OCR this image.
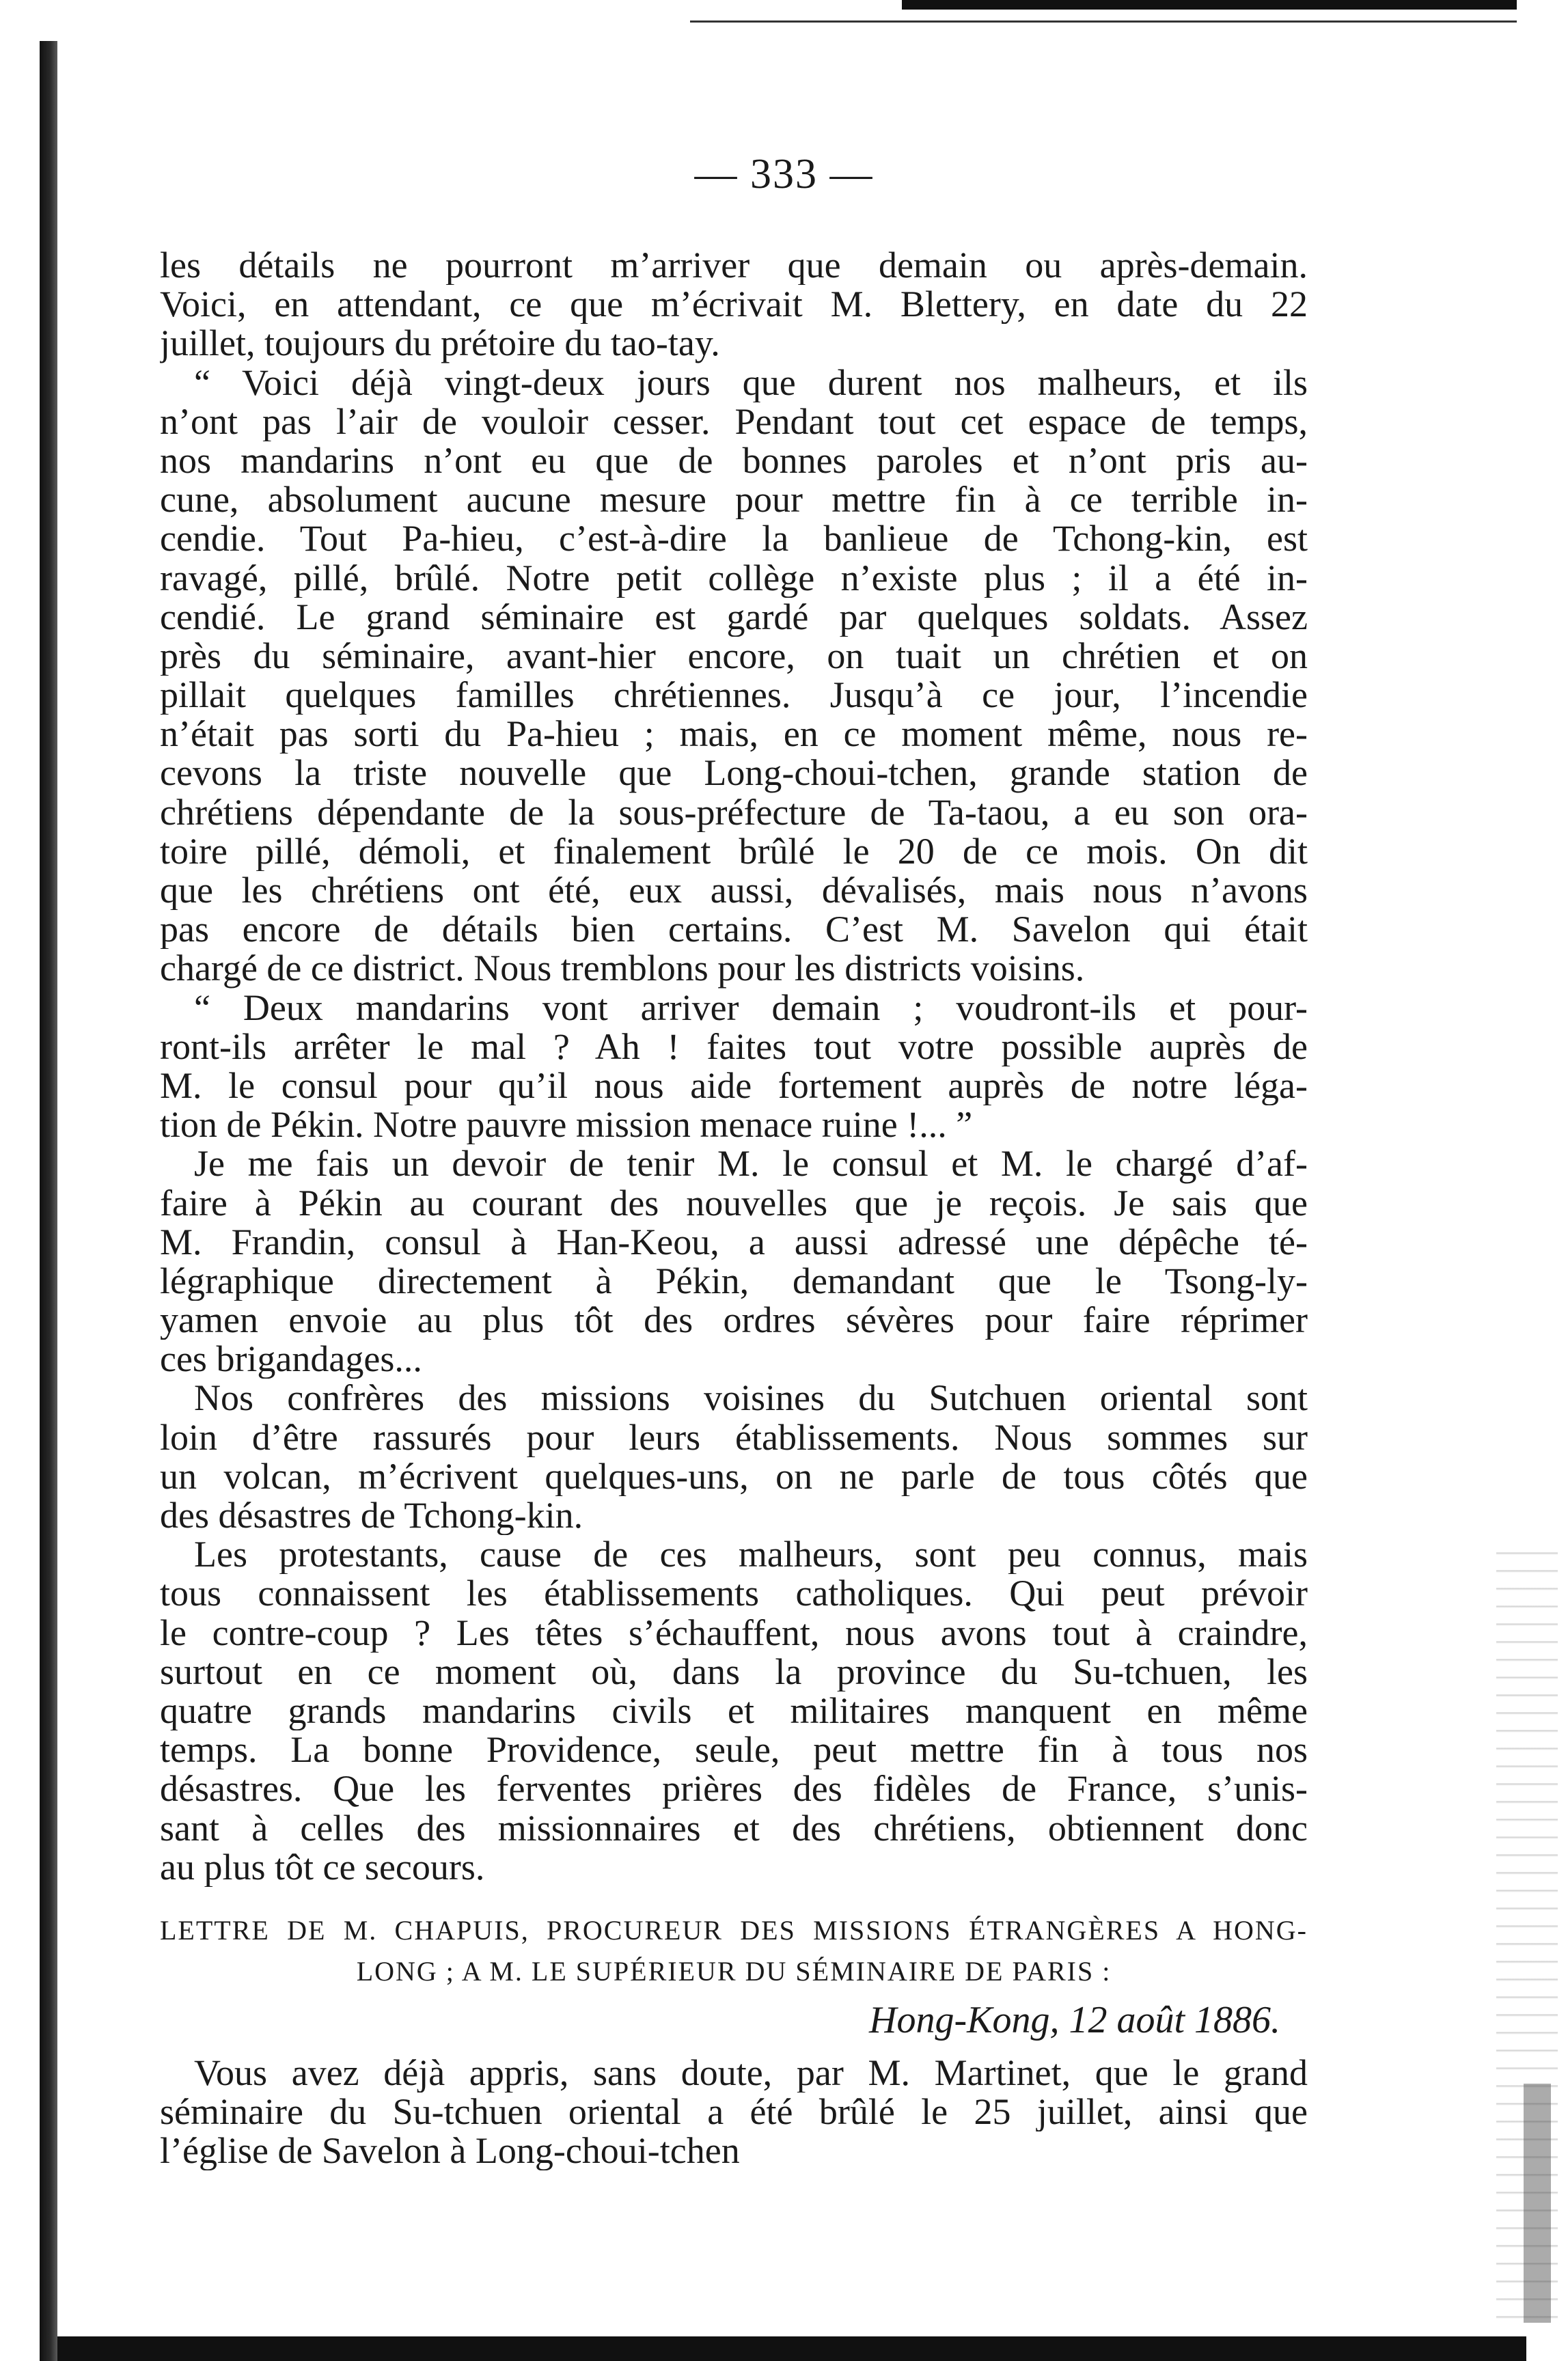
— 333 —
les détails ne pourront m’arriver que demain ou après-demain.
Voici, en attendant, ce que m’écrivait M. Blettery, en date du 22
juillet, toujours du prétoire du tao-tay.
“ Voici déjà vingt-deux jours que durent nos malheurs, et ils
n’ont pas l’air de vouloir cesser. Pendant tout cet espace de temps,
nos mandarins n’ont eu que de bonnes paroles et n’ont pris au-
cune, absolument aucune mesure pour mettre fin à ce terrible in-
cendie. Tout Pa-hieu, c’est-à-dire la banlieue de Tchong-kin, est
ravagé, pillé, brûlé. Notre petit collège n’existe plus ; il a été in-
cendié. Le grand séminaire est gardé par quelques soldats. Assez
près du séminaire, avant-hier encore, on tuait un chrétien et on
pillait quelques familles chrétiennes. Jusqu’à ce jour, l’incendie
n’était pas sorti du Pa-hieu ; mais, en ce moment même, nous re-
cevons la triste nouvelle que Long-choui-tchen, grande station de
chrétiens dépendante de la sous-préfecture de Ta-taou, a eu son ora-
toire pillé, démoli, et finalement brûlé le 20 de ce mois. On dit
que les chrétiens ont été, eux aussi, dévalisés, mais nous n’avons
pas encore de détails bien certains. C’est M. Savelon qui était
chargé de ce district. Nous tremblons pour les districts voisins.
“ Deux mandarins vont arriver demain ; voudront-ils et pour-
ront-ils arrêter le mal ? Ah ! faites tout votre possible auprès de
M. le consul pour qu’il nous aide fortement auprès de notre léga-
tion de Pékin. Notre pauvre mission menace ruine !... ”
Je me fais un devoir de tenir M. le consul et M. le chargé d’af-
faire à Pékin au courant des nouvelles que je reçois. Je sais que
M. Frandin, consul à Han-Keou, a aussi adressé une dépêche té-
légraphique directement à Pékin, demandant que le Tsong-ly-
yamen envoie au plus tôt des ordres sévères pour faire réprimer
ces brigandages...
Nos confrères des missions voisines du Sutchuen oriental sont
loin d’être rassurés pour leurs établissements. Nous sommes sur
un volcan, m’écrivent quelques-uns, on ne parle de tous côtés que
des désastres de Tchong-kin.
Les protestants, cause de ces malheurs, sont peu connus, mais
tous connaissent les établissements catholiques. Qui peut prévoir
le contre-coup ? Les têtes s’échauffent, nous avons tout à craindre,
surtout en ce moment où, dans la province du Su-tchuen, les
quatre grands mandarins civils et militaires manquent en même
temps. La bonne Providence, seule, peut mettre fin à tous nos
désastres. Que les ferventes prières des fidèles de France, s’unis-
sant à celles des missionnaires et des chrétiens, obtiennent donc
au plus tôt ce secours.
LETTRE DE M. CHAPUIS, PROCUREUR DES MISSIONS ÉTRANGÈRES A HONG-
LONG ; A M. LE SUPÉRIEUR DU SÉMINAIRE DE PARIS :
Hong-Kong, 12 août 1886.
Vous avez déjà appris, sans doute, par M. Martinet, que le grand
séminaire du Su-tchuen oriental a été brûlé le 25 juillet, ainsi que
l’église de Savelon à Long-choui-tchen
